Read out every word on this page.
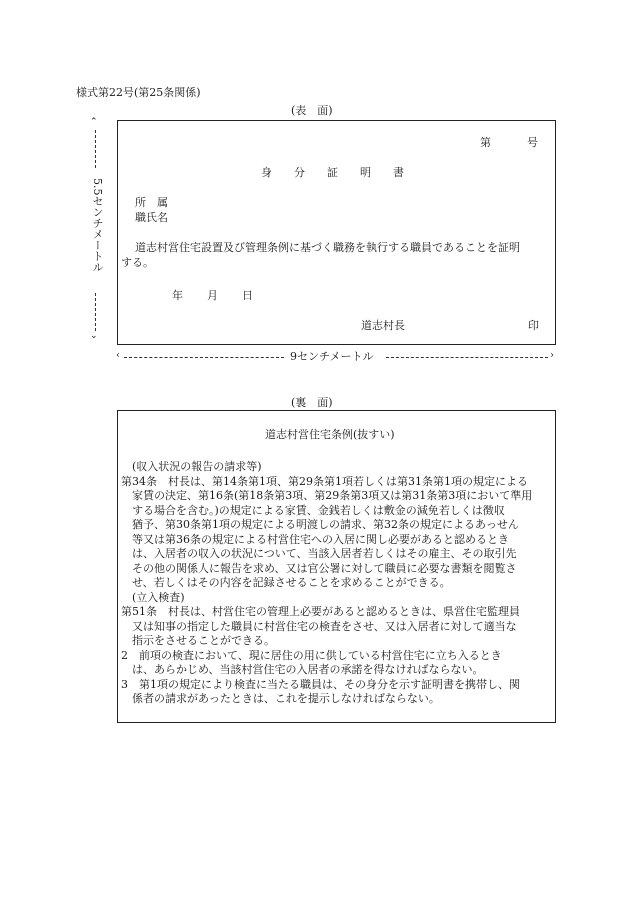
様式第22号(第25条関係)
(表　面)
⌃
5.5センチメートル
⌄
第	号
身　　分　　証　　明　　書
所　属
職氏名
道志村営住宅設置及び管理条例に基づく職務を執行する職員であることを証明
する。
年 月 日
道志村長	印
‹	9センチメートル	›
(裏　面)
道志村営住宅条例(抜すい)
　(収入状況の報告の請求等)
第34条　村長は、第14条第1項、第29条第1項若しくは第31条第1項の規定による
　家賃の決定、第16条(第18条第3項、第29条第3項又は第31条第3項において準用
　する場合を含む。)の規定による家賃、金銭若しくは敷金の減免若しくは徴収
　猶予、第30条第1項の規定による明渡しの請求、第32条の規定によるあっせん
　等又は第36条の規定による村営住宅への入居に関し必要があると認めるとき
　は、入居者の収入の状況について、当該入居者若しくはその雇主、その取引先
　その他の関係人に報告を求め、又は官公署に対して職員に必要な書類を閲覧さ
　せ、若しくはその内容を記録させることを求めることができる。
　(立入検査)
第51条　村長は、村営住宅の管理上必要があると認めるときは、県営住宅監理員
　又は知事の指定した職員に村営住宅の検査をさせ、又は入居者に対して適当な
　指示をさせることができる。
2　前項の検査において、現に居住の用に供している村営住宅に立ち入るとき
　は、あらかじめ、当該村営住宅の入居者の承諾を得なければならない。
3　第1項の規定により検査に当たる職員は、その身分を示す証明書を携帯し、関
　係者の請求があったときは、これを提示しなければならない。
